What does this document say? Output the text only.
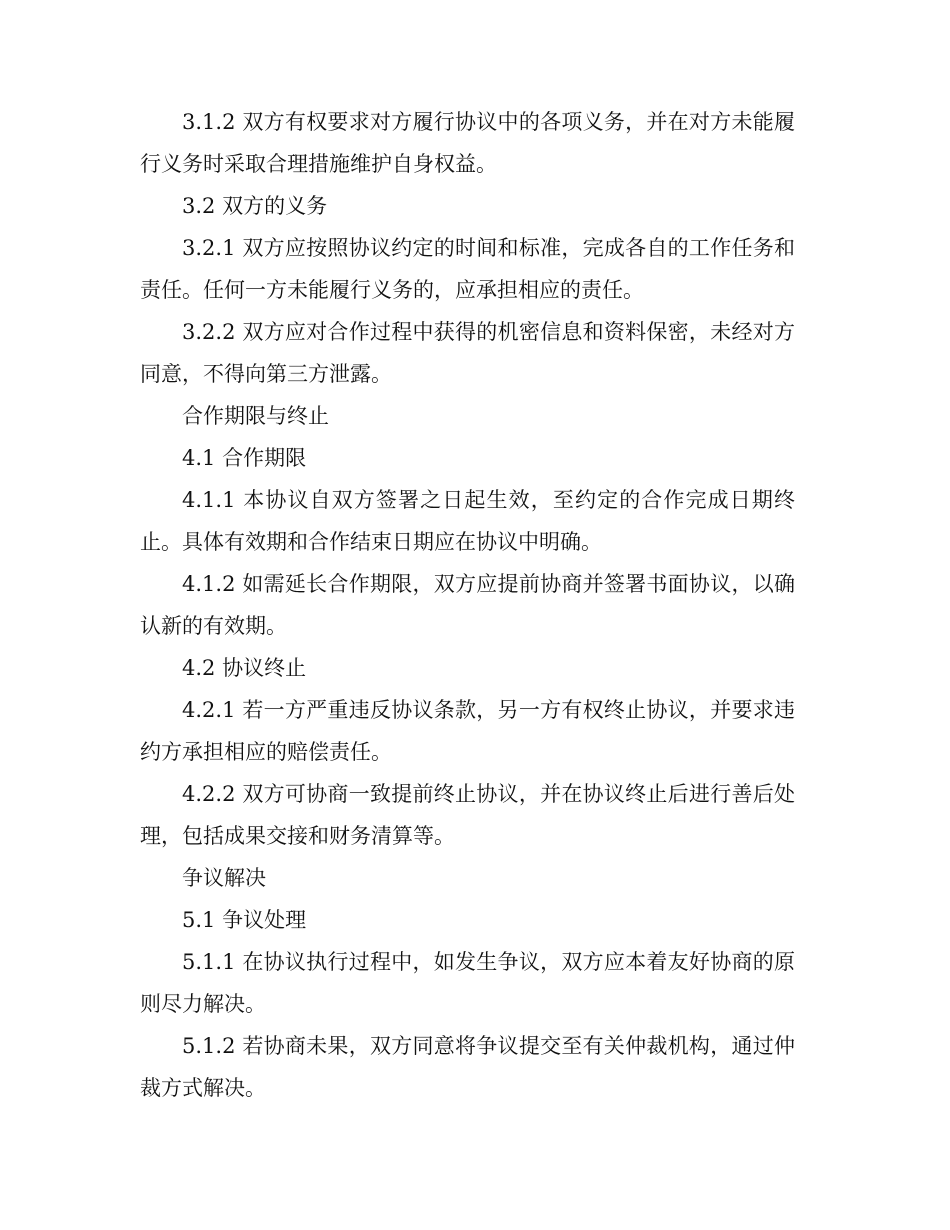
3.1.2 双方有权要求对方履行协议中的各项义务，并在对方未能履行义务时采取合理措施维护自身权益。

3.2 双方的义务

3.2.1 双方应按照协议约定的时间和标准，完成各自的工作任务和责任。任何一方未能履行义务的，应承担相应的责任。

3.2.2 双方应对合作过程中获得的机密信息和资料保密，未经对方同意，不得向第三方泄露。

合作期限与终止

4.1 合作期限

4.1.1 本协议自双方签署之日起生效，至约定的合作完成日期终止。具体有效期和合作结束日期应在协议中明确。

4.1.2 如需延长合作期限，双方应提前协商并签署书面协议，以确认新的有效期。

4.2 协议终止

4.2.1 若一方严重违反协议条款，另一方有权终止协议，并要求违约方承担相应的赔偿责任。

4.2.2 双方可协商一致提前终止协议，并在协议终止后进行善后处理，包括成果交接和财务清算等。

争议解决

5.1 争议处理

5.1.1 在协议执行过程中，如发生争议，双方应本着友好协商的原则尽力解决。

5.1.2 若协商未果，双方同意将争议提交至有关仲裁机构，通过仲裁方式解决。
